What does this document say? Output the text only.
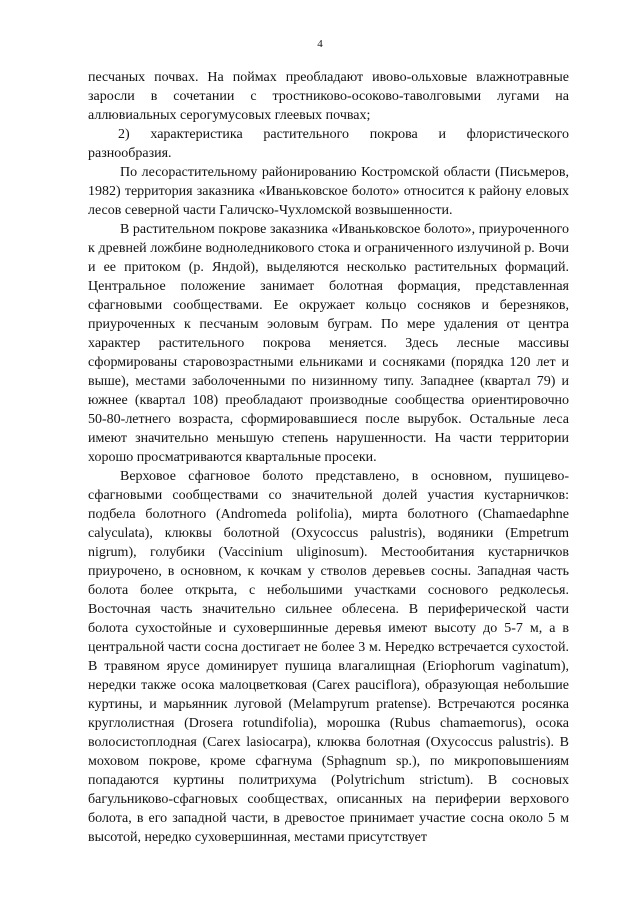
4

песчаных почвах. На поймах преобладают ивово-ольховые влажнотравные заросли в сочетании с тростниково-осоково-таволговыми лугами на аллювиальных серогумусовых глеевых почвах;

2) характеристика растительного покрова и флористического разнообразия.

По лесорастительному районированию Костромской области (Письмеров, 1982) территория заказника «Иваньковское болото» относится к району еловых лесов северной части Галичско-Чухломской возвышенности.

В растительном покрове заказника «Иваньковское болото», приуроченного к древней ложбине водноледникового стока и ограниченного излучиной р. Вочи и ее притоком (р. Яндой), выделяются несколько растительных формаций. Центральное положение занимает болотная формация, представленная сфагновыми сообществами. Ее окружает кольцо сосняков и березняков, приуроченных к песчаным эоловым буграм. По мере удаления от центра характер растительного покрова меняется. Здесь лесные массивы сформированы старовозрастными ельниками и сосняками (порядка 120 лет и выше), местами заболоченными по низинному типу. Западнее (квартал 79) и южнее (квартал 108) преобладают производные сообщества ориентировочно 50-80-летнего возраста, сформировавшиеся после вырубок. Остальные леса имеют значительно меньшую степень нарушенности. На части территории хорошо просматриваются квартальные просеки.

Верховое сфагновое болото представлено, в основном, пушицево-сфагновыми сообществами со значительной долей участия кустарничков: подбела болотного (Andromeda polifolia), мирта болотного (Chamaedaphne calyculata), клюквы болотной (Oxycoccus palustris), водяники (Empetrum nigrum), голубики (Vaccinium uliginosum). Местообитания кустарничков приурочено, в основном, к кочкам у стволов деревьев сосны. Западная часть болота более открыта, с небольшими участками соснового редколесья. Восточная часть значительно сильнее облесена. В периферической части болота сухостойные и суховершинные деревья имеют высоту до 5-7 м, а в центральной части сосна достигает не более 3 м. Нередко встречается сухостой. В травяном ярусе доминирует пушица влагалищная (Eriophorum vaginatum), нередки также осока малоцветковая (Carex pauciflora), образующая небольшие куртины, и марьянник луговой (Melampyrum pratense). Встречаются росянка круглолистная (Drosera rotundifolia), морошка (Rubus chamaemorus), осока волосистоплодная (Carex lasiocarpa), клюква болотная (Oxycoccus palustris). В моховом покрове, кроме сфагнума (Sphagnum sp.), по микроповышениям попадаются куртины политрихума (Polytrichum strictum). В сосновых багульниково-сфагновых сообществах, описанных на периферии верхового болота, в его западной части, в древостое принимает участие сосна около 5 м высотой, нередко суховершинная, местами присутствует
